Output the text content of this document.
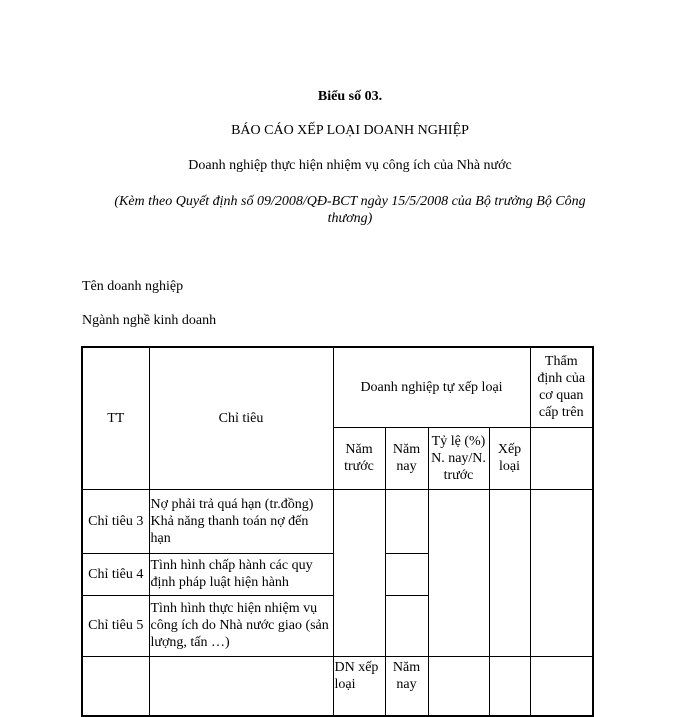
Biểu số 03.
BÁO CÁO XẾP LOẠI DOANH NGHIỆP
Doanh nghiệp thực hiện nhiệm vụ công ích của Nhà nước
(Kèm theo Quyết định số 09/2008/QĐ-BCT ngày 15/5/2008 của Bộ trưởng Bộ Công thương)
Tên doanh nghiệp
Ngành nghề kinh doanh
TT	Chỉ tiêu	Doanh nghiệp tự xếp loại				Thẩm định của cơ quan cấp trên
		Năm trước	Năm nay	Tỷ lệ (%) N. nay/N. trước	Xếp loại	
Chỉ tiêu 3	Nợ phải trả quá hạn (tr.đồng)
Khả năng thanh toán nợ đến hạn					

Chỉ tiêu 4	Tình hình chấp hành các quy định pháp luật hiện hành					
Chỉ tiêu 5	Tình hình thực hiện nhiệm vụ công ích do Nhà nước giao (sản lượng, tấn …)					
		DN xếp loại	Năm nay			
